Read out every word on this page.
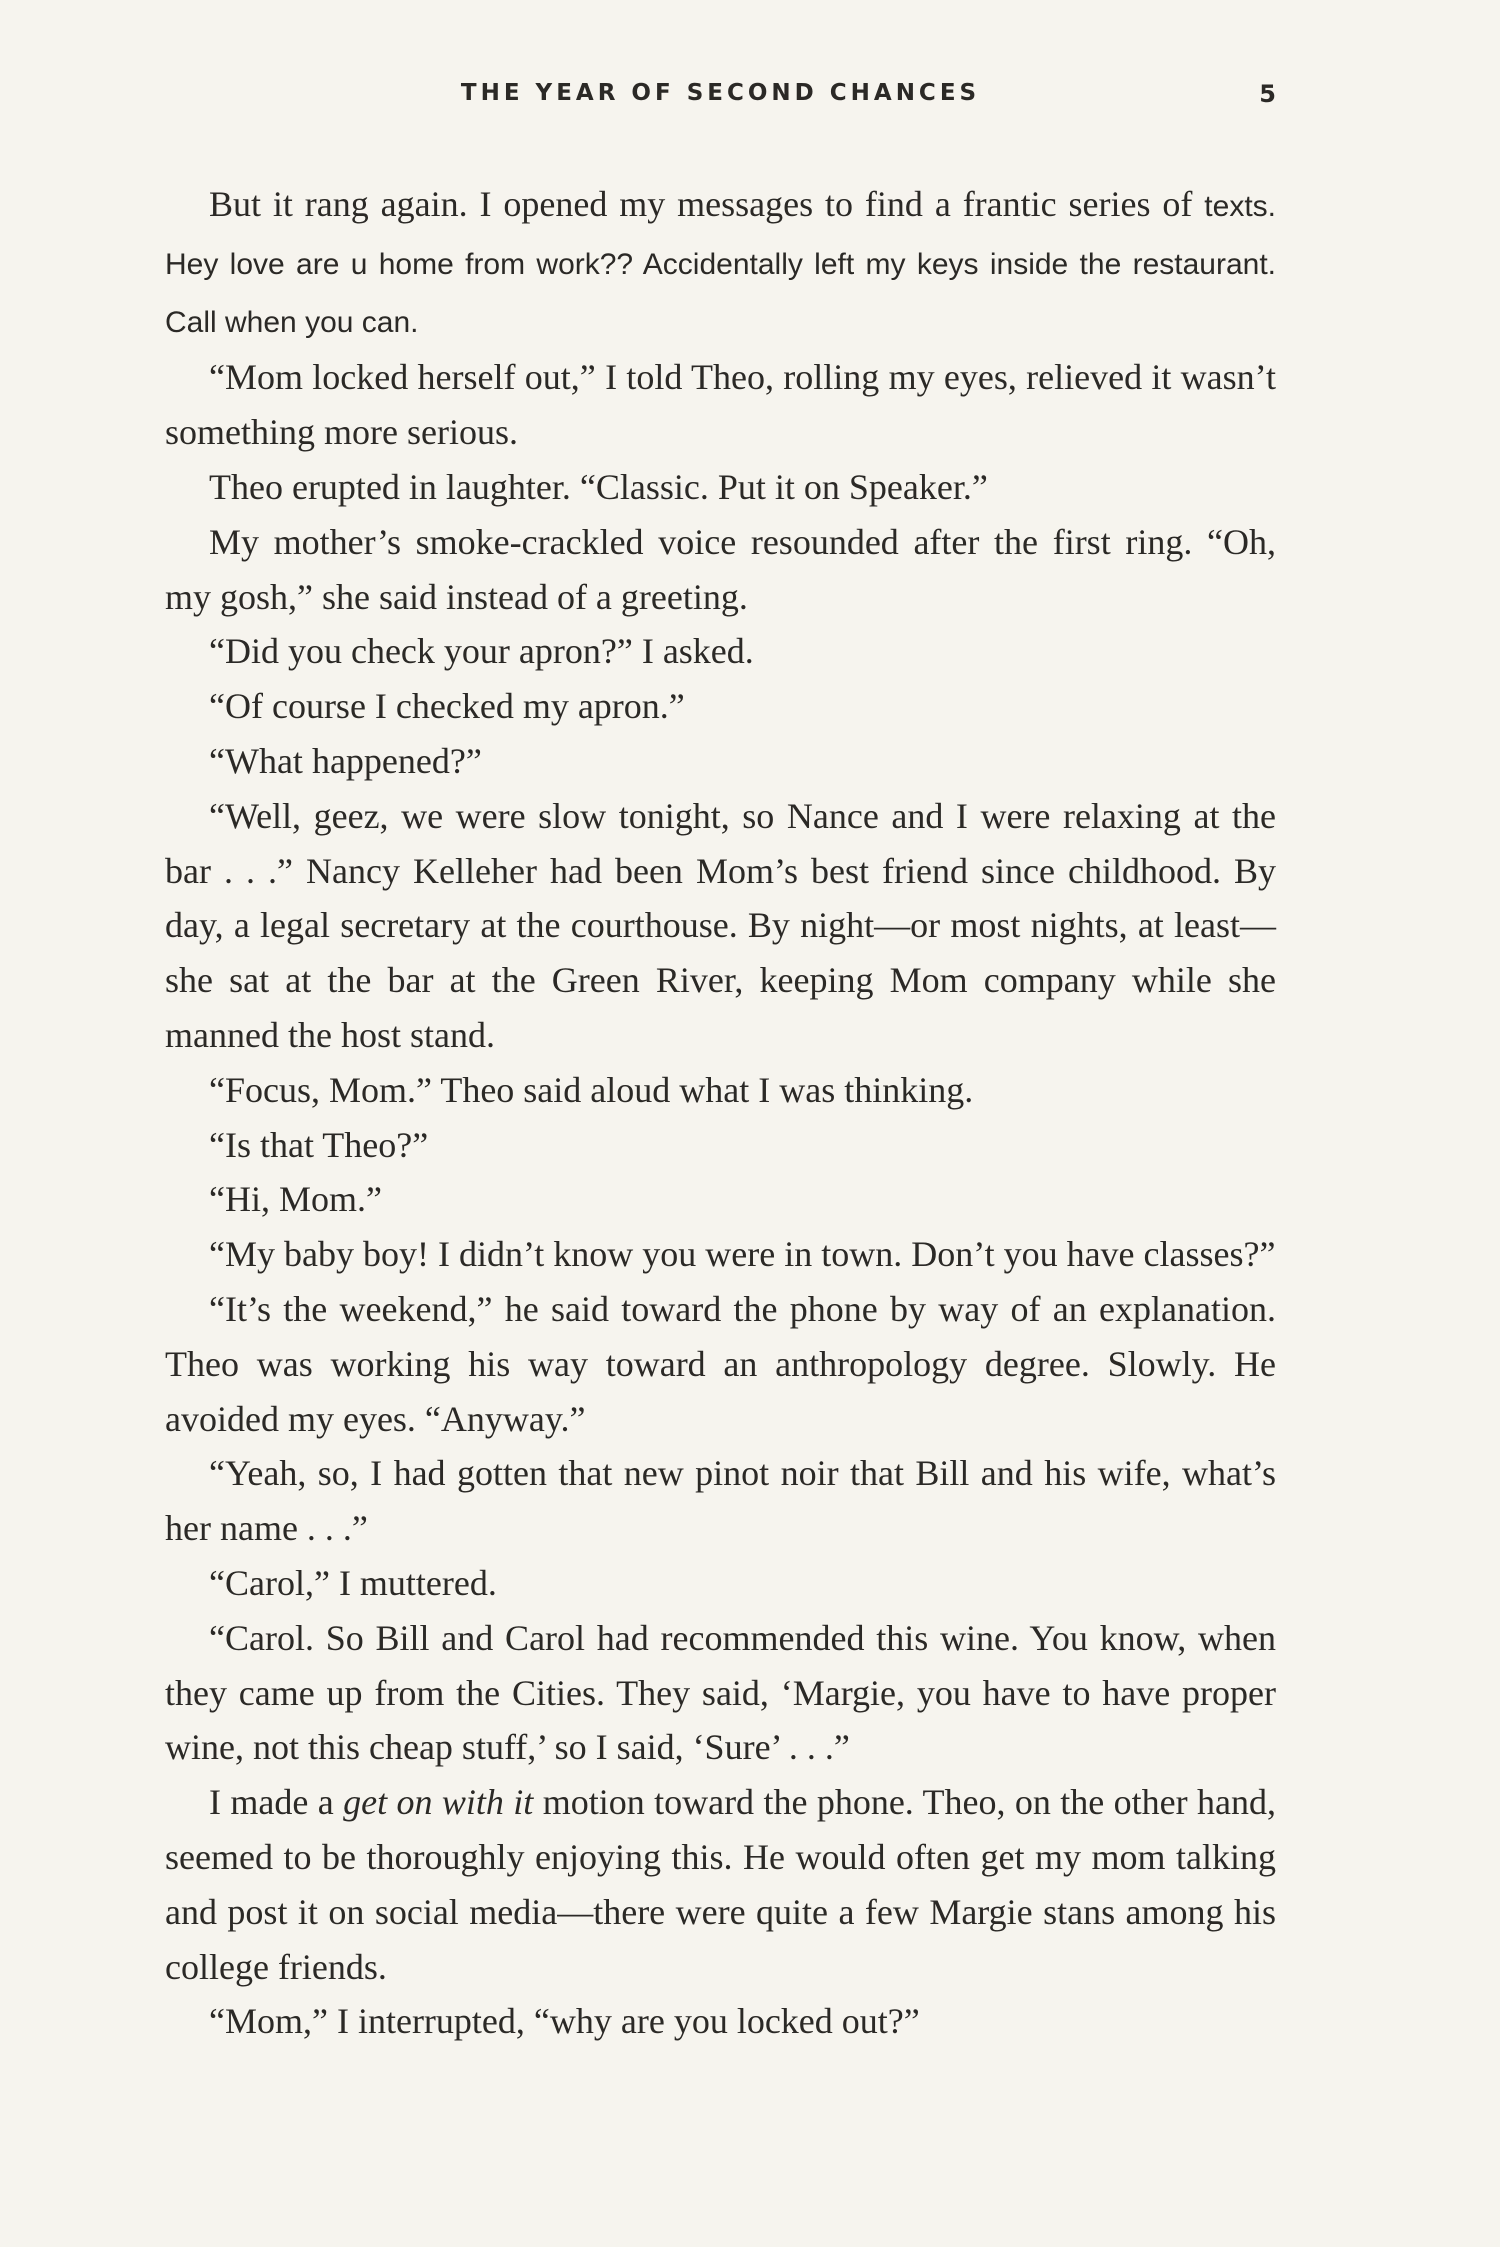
THE YEAR OF SECOND CHANCES	5

But it rang again. I opened my messages to find a frantic series of texts. Hey love are u home from work?? Accidentally left my keys inside the restaurant. Call when you can.

“Mom locked herself out,” I told Theo, rolling my eyes, relieved it wasn’t something more serious.

Theo erupted in laughter. “Classic. Put it on Speaker.”

My mother’s smoke-crackled voice resounded after the first ring. “Oh, my gosh,” she said instead of a greeting.

“Did you check your apron?” I asked.

“Of course I checked my apron.”

“What happened?”

“Well, geez, we were slow tonight, so Nance and I were relaxing at the bar . . .” Nancy Kelleher had been Mom’s best friend since childhood. By day, a legal secretary at the courthouse. By night—or most nights, at least—she sat at the bar at the Green River, keeping Mom company while she manned the host stand.

“Focus, Mom.” Theo said aloud what I was thinking.

“Is that Theo?”

“Hi, Mom.”

“My baby boy! I didn’t know you were in town. Don’t you have classes?”

“It’s the weekend,” he said toward the phone by way of an explanation. Theo was working his way toward an anthropology degree. Slowly. He avoided my eyes. “Anyway.”

“Yeah, so, I had gotten that new pinot noir that Bill and his wife, what’s her name . . .”

“Carol,” I muttered.

“Carol. So Bill and Carol had recommended this wine. You know, when they came up from the Cities. They said, ‘Margie, you have to have proper wine, not this cheap stuff,’ so I said, ‘Sure’ . . .”

I made a get on with it motion toward the phone. Theo, on the other hand, seemed to be thoroughly enjoying this. He would often get my mom talking and post it on social media—there were quite a few Margie stans among his college friends.

“Mom,” I interrupted, “why are you locked out?”
